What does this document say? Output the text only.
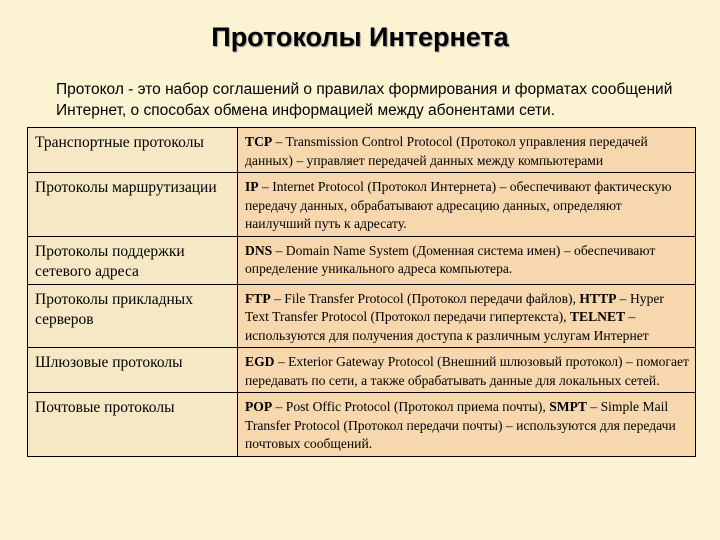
Протоколы Интернета
Протокол - это набор соглашений о правилах формирования и форматах сообщений Интернет, о способах обмена информацией между абонентами сети.
Транспортные протоколы	TCP – Transmission Control Protocol (Протокол управления передачей данных) – управляет передачей данных между компьютерами
Протоколы маршрутизации	IP – Internet Protocol (Протокол Интернета) – обеспечивают фактическую передачу данных, обрабатывают адресацию данных, определяют наилучший путь к адресату.
Протоколы поддержки сетевого адреса	DNS – Domain Name System (Доменная система имен) – обеспечивают определение уникального адреса компьютера.
Протоколы прикладных серверов	FTP – File Transfer Protocol (Протокол передачи файлов), HTTP – Hyper Text Transfer Protocol (Протокол передачи гипертекста), TELNET – используются для получения доступа к различным услугам Интернет
Шлюзовые протоколы	EGD – Exterior Gateway Protocol (Внешний шлюзовый протокол) – помогает передавать по сети, а также обрабатывать данные для локальных сетей.
Почтовые протоколы	POP – Post Offic Protocol (Протокол приема почты), SMPT – Simple Mail Transfer Protocol (Протокол передачи почты) – используются для передачи почтовых сообщений.
